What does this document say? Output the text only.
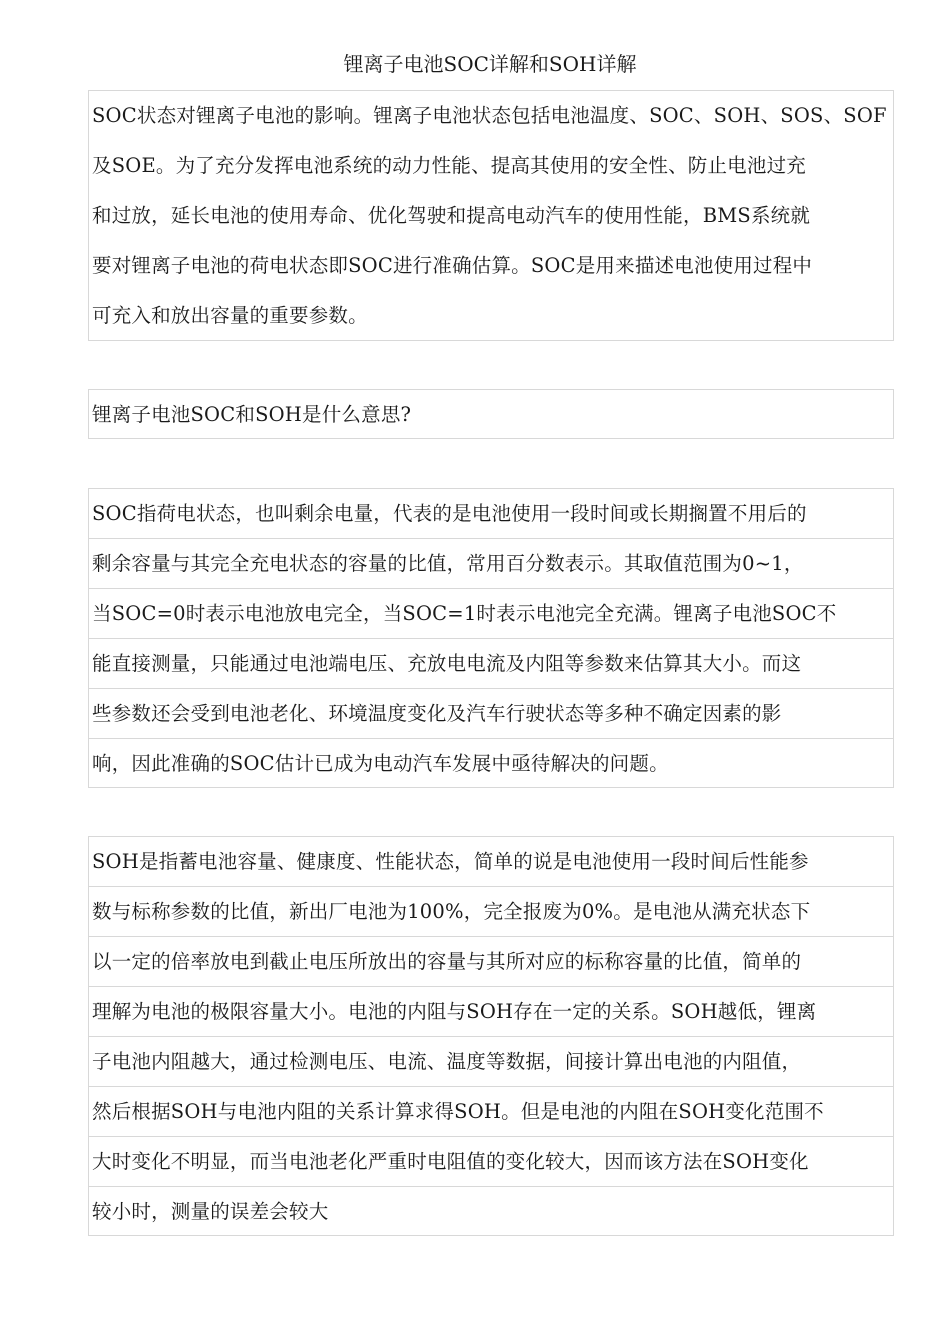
锂离子电池SOC详解和SOH详解
SOC状态对锂离子电池的影响。锂离子电池状态包括电池温度、SOC、SOH、SOS、SOF
及SOE。为了充分发挥电池系统的动力性能、提高其使用的安全性、防止电池过充
和过放，延长电池的使用寿命、优化驾驶和提高电动汽车的使用性能，BMS系统就
要对锂离子电池的荷电状态即SOC进行准确估算。SOC是用来描述电池使用过程中
可充入和放出容量的重要参数。
锂离子电池SOC和SOH是什么意思?
SOC指荷电状态，也叫剩余电量，代表的是电池使用一段时间或长期搁置不用后的
剩余容量与其完全充电状态的容量的比值，常用百分数表示。其取值范围为0~1，
当SOC=0时表示电池放电完全，当SOC=1时表示电池完全充满。锂离子电池SOC不
能直接测量，只能通过电池端电压、充放电电流及内阻等参数来估算其大小。而这
些参数还会受到电池老化、环境温度变化及汽车行驶状态等多种不确定因素的影
响，因此准确的SOC估计已成为电动汽车发展中亟待解决的问题。
SOH是指蓄电池容量、健康度、性能状态，简单的说是电池使用一段时间后性能参
数与标称参数的比值，新出厂电池为100%，完全报废为0%。是电池从满充状态下
以一定的倍率放电到截止电压所放出的容量与其所对应的标称容量的比值，简单的
理解为电池的极限容量大小。电池的内阻与SOH存在一定的关系。SOH越低，锂离
子电池内阻越大，通过检测电压、电流、温度等数据，间接计算出电池的内阻值，
然后根据SOH与电池内阻的关系计算求得SOH。但是电池的内阻在SOH变化范围不
大时变化不明显，而当电池老化严重时电阻值的变化较大，因而该方法在SOH变化
较小时，测量的误差会较大
